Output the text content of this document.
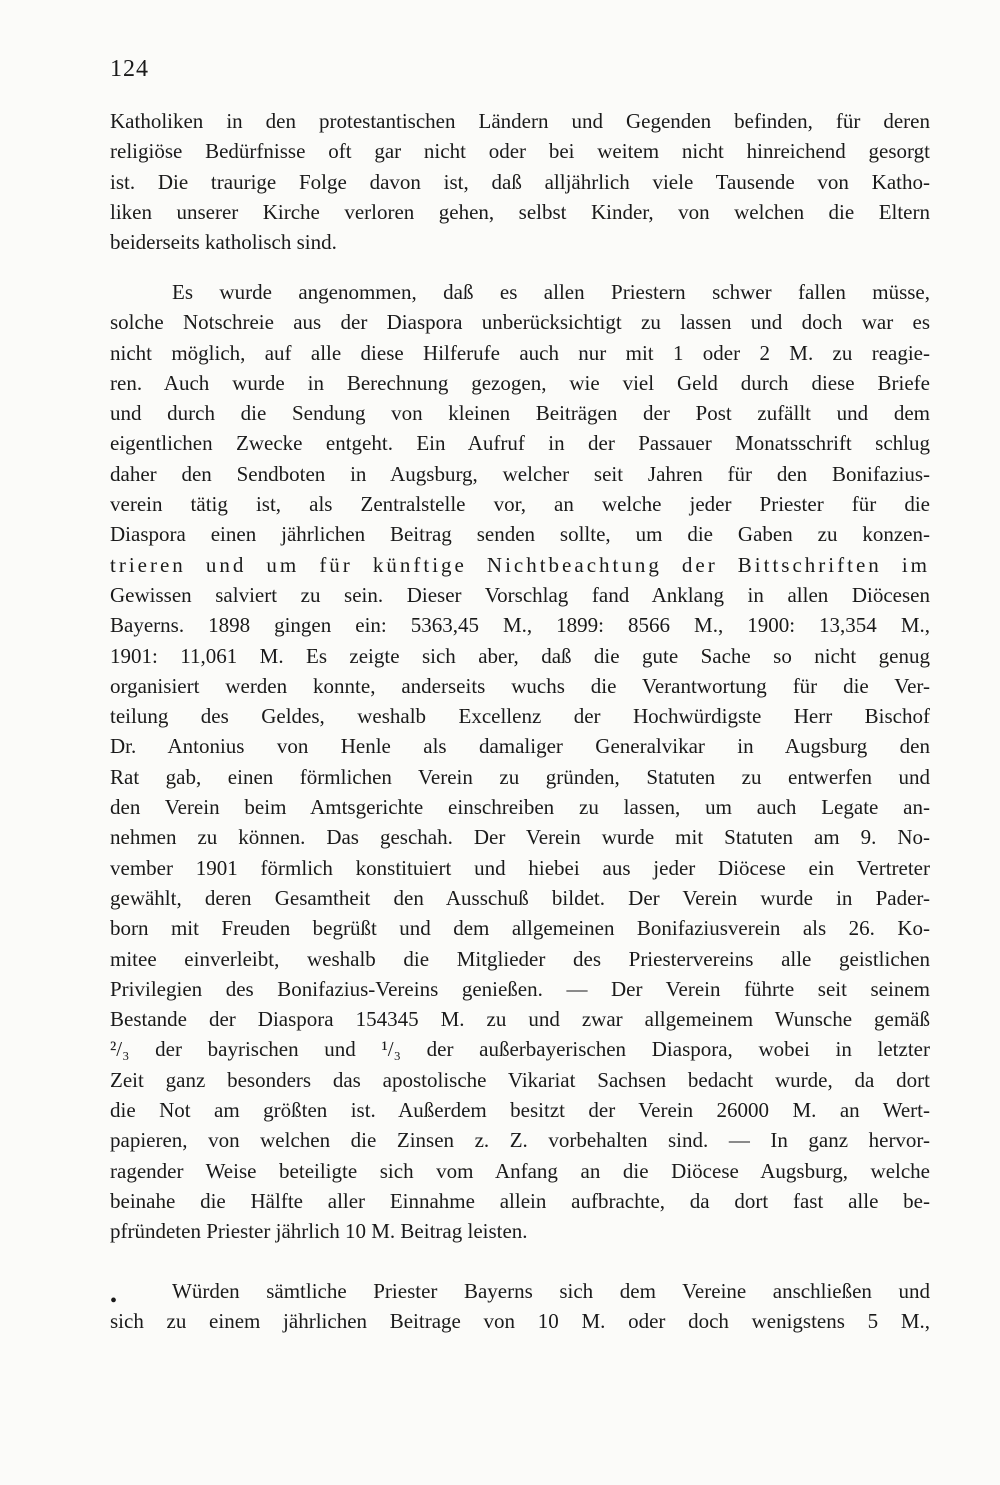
124
Katholiken in den protestantischen Ländern und Gegenden befinden, für deren
religiöse Bedürfnisse oft gar nicht oder bei weitem nicht hinreichend gesorgt
ist. Die traurige Folge davon ist, daß alljährlich viele Tausende von Katho-
liken unserer Kirche verloren gehen, selbst Kinder, von welchen die Eltern
beiderseits katholisch sind.
Es wurde angenommen, daß es allen Priestern schwer fallen müsse,
solche Notschreie aus der Diaspora unberücksichtigt zu lassen und doch war es
nicht möglich, auf alle diese Hilferufe auch nur mit 1 oder 2 M. zu reagie-
ren. Auch wurde in Berechnung gezogen, wie viel Geld durch diese Briefe
und durch die Sendung von kleinen Beiträgen der Post zufällt und dem
eigentlichen Zwecke entgeht. Ein Aufruf in der Passauer Monatsschrift schlug
daher den Sendboten in Augsburg, welcher seit Jahren für den Bonifazius-
verein tätig ist, als Zentralstelle vor, an welche jeder Priester für die
Diaspora einen jährlichen Beitrag senden sollte, um die Gaben zu konzen-
trieren und um für künftige Nichtbeachtung der Bittschriften im
Gewissen salviert zu sein. Dieser Vorschlag fand Anklang in allen Diöcesen
Bayerns. 1898 gingen ein: 5363,45 M., 1899: 8566 M., 1900: 13,354 M.,
1901: 11,061 M. Es zeigte sich aber, daß die gute Sache so nicht genug
organisiert werden konnte, anderseits wuchs die Verantwortung für die Ver-
teilung des Geldes, weshalb Excellenz der Hochwürdigste Herr Bischof
Dr. Antonius von Henle als damaliger Generalvikar in Augsburg den
Rat gab, einen förmlichen Verein zu gründen, Statuten zu entwerfen und
den Verein beim Amtsgerichte einschreiben zu lassen, um auch Legate an-
nehmen zu können. Das geschah. Der Verein wurde mit Statuten am 9. No-
vember 1901 förmlich konstituiert und hiebei aus jeder Diöcese ein Vertreter
gewählt, deren Gesamtheit den Ausschuß bildet. Der Verein wurde in Pader-
born mit Freuden begrüßt und dem allgemeinen Bonifaziusverein als 26. Ko-
mitee einverleibt, weshalb die Mitglieder des Priestervereins alle geistlichen
Privilegien des Bonifazius-Vereins genießen. — Der Verein führte seit seinem
Bestande der Diaspora 154345 M. zu und zwar allgemeinem Wunsche gemäß
²/₃ der bayrischen und ¹/₃ der außerbayerischen Diaspora, wobei in letzter
Zeit ganz besonders das apostolische Vikariat Sachsen bedacht wurde, da dort
die Not am größten ist. Außerdem besitzt der Verein 26000 M. an Wert-
papieren, von welchen die Zinsen z. Z. vorbehalten sind. — In ganz hervor-
ragender Weise beteiligte sich vom Anfang an die Diöcese Augsburg, welche
beinahe die Hälfte aller Einnahme allein aufbrachte, da dort fast alle be-
pfründeten Priester jährlich 10 M. Beitrag leisten.
•	Würden sämtliche Priester Bayerns sich dem Vereine anschließen und
sich zu einem jährlichen Beitrage von 10 M. oder doch wenigstens 5 M.,
